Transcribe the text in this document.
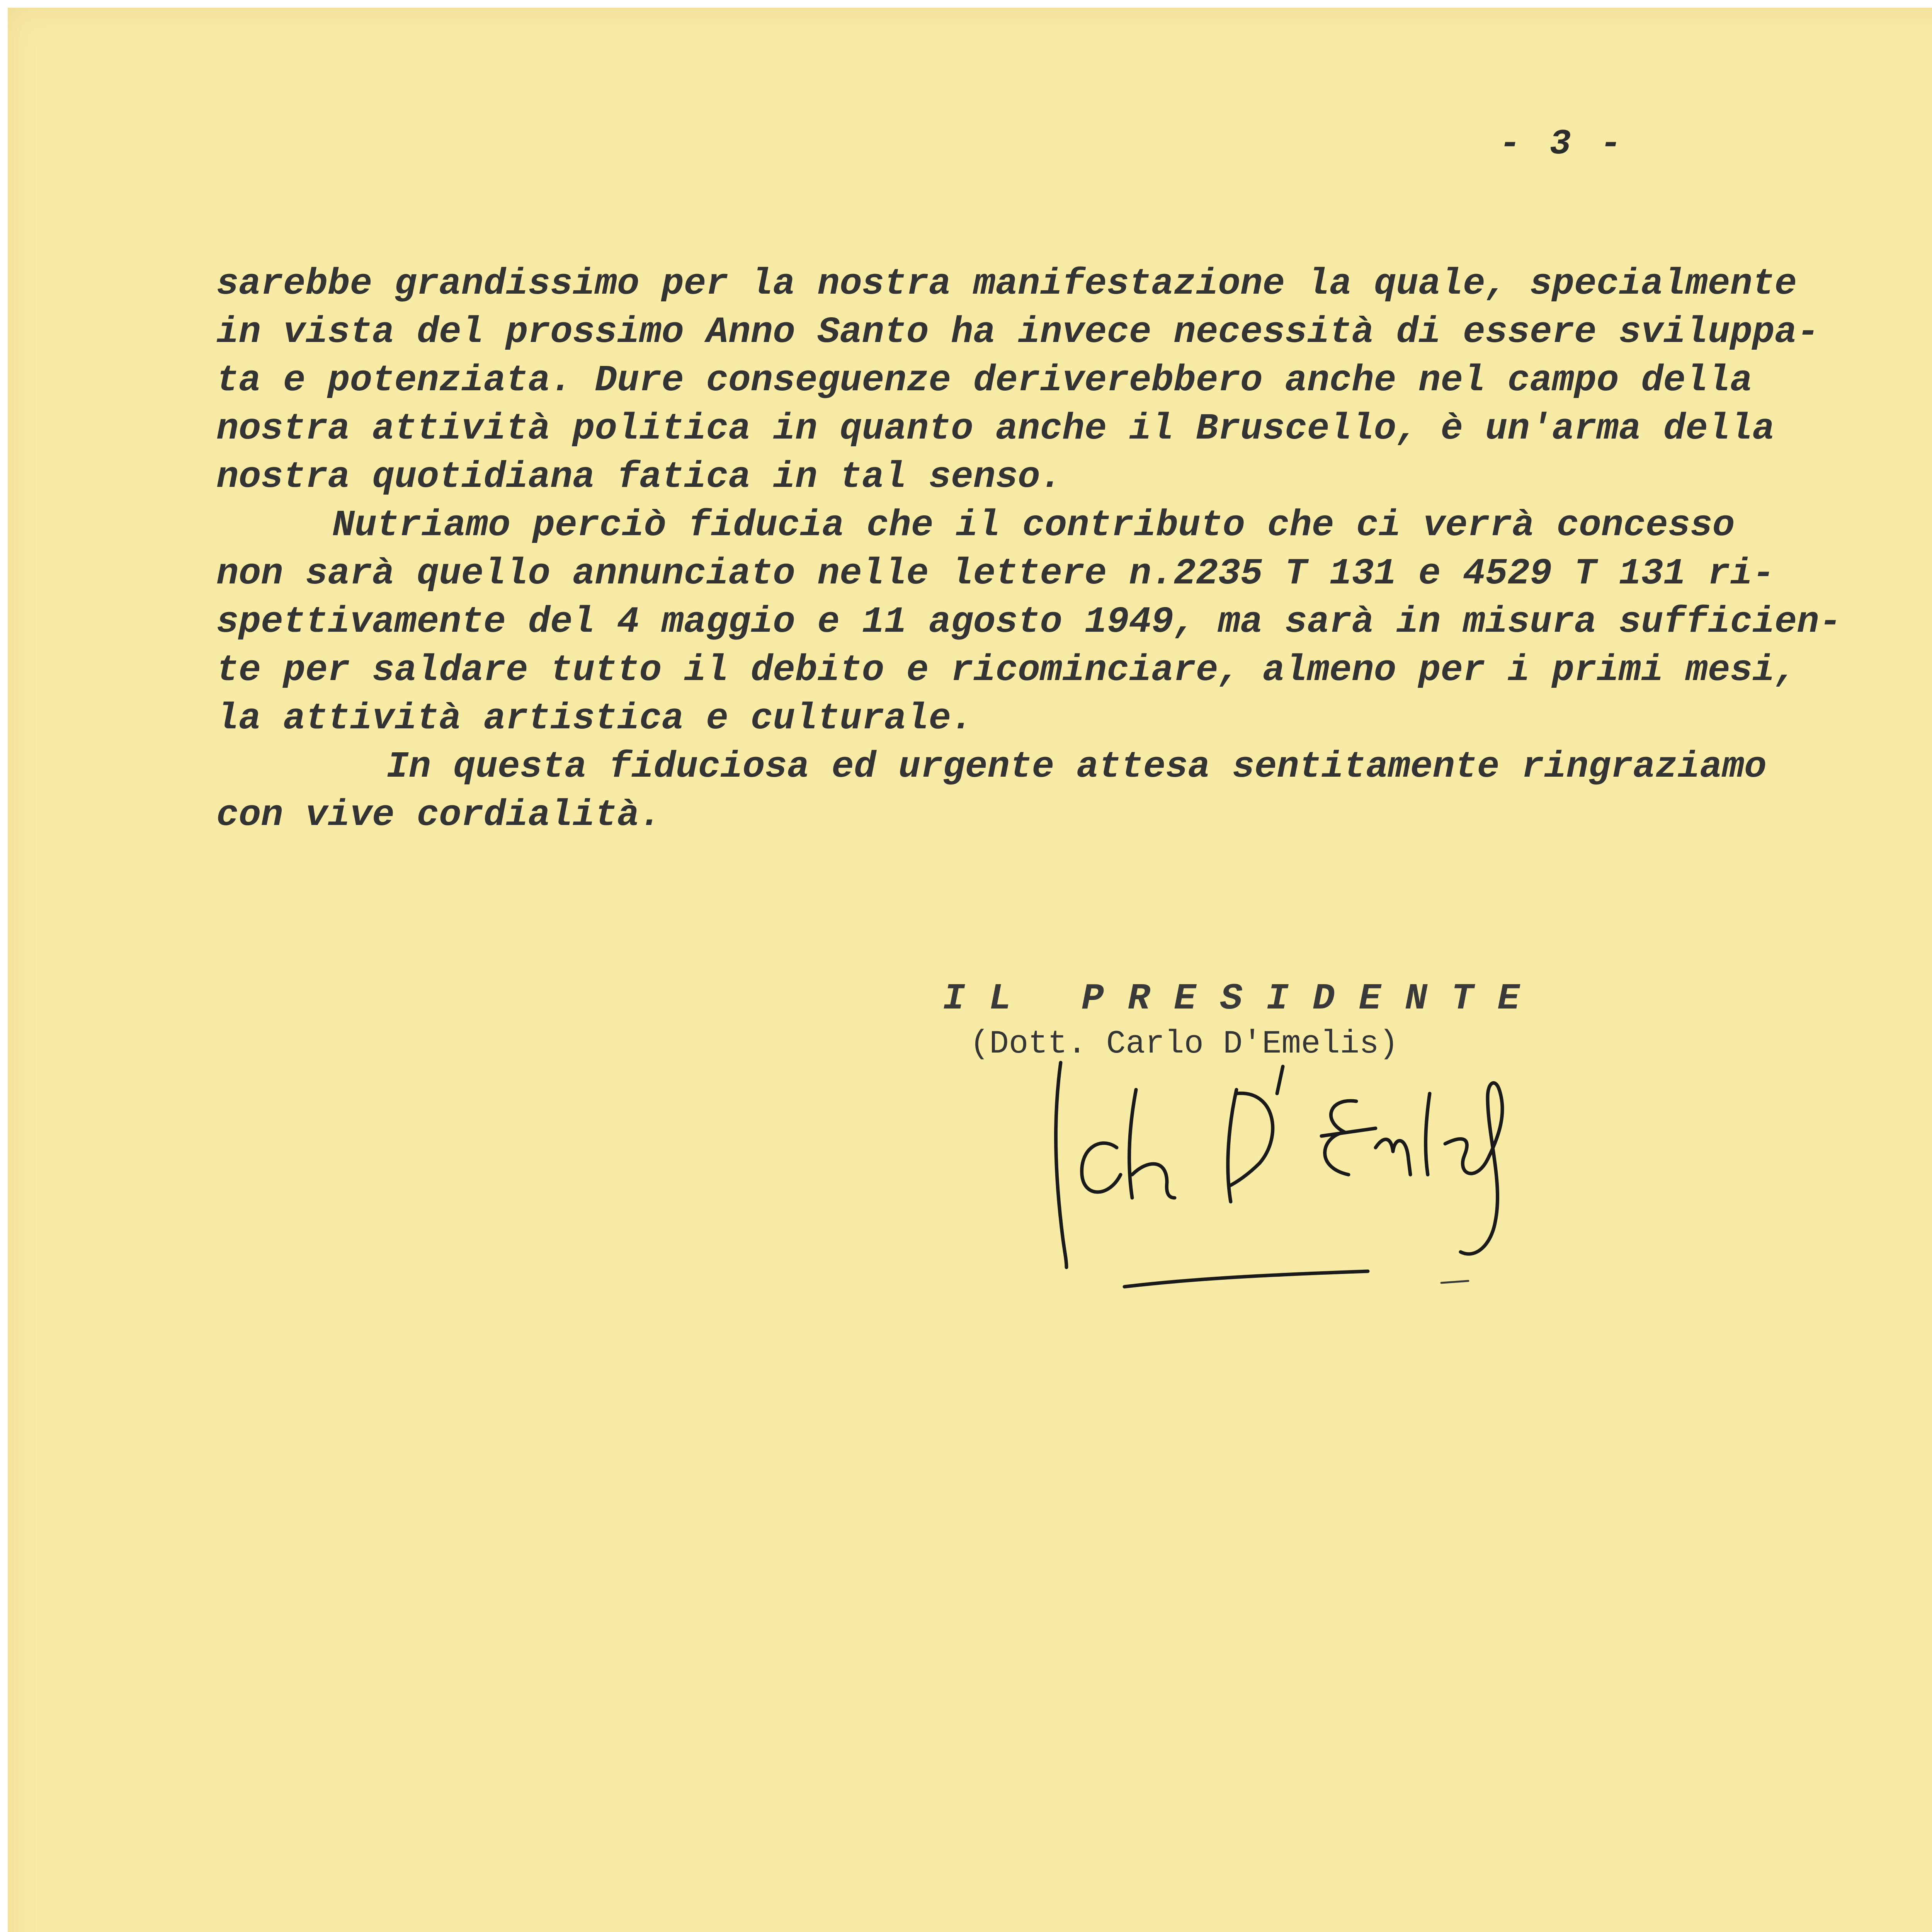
- 3 -
sarebbe grandissimo per la nostra manifestazione la quale, specialmente
in vista del prossimo Anno Santo ha invece necessità di essere sviluppa-
ta e potenziata. Dure conseguenze deriverebbero anche nel campo della
nostra attività politica in quanto anche il Bruscello, è un'arma della
nostra quotidiana fatica in tal senso.
Nutriamo perciò fiducia che il contributo che ci verrà concesso
non sarà quello annunciato nelle lettere n.2235 T 131 e 4529 T 131 ri-
spettivamente del 4 maggio e 11 agosto 1949, ma sarà in misura sufficien-
te per saldare tutto il debito e ricominciare, almeno per i primi mesi,
la attività artistica e culturale.
In questa fiduciosa ed urgente attesa sentitamente ringraziamo
con vive cordialità.
IL PRESIDENTE
(Dott. Carlo D'Emelis)
